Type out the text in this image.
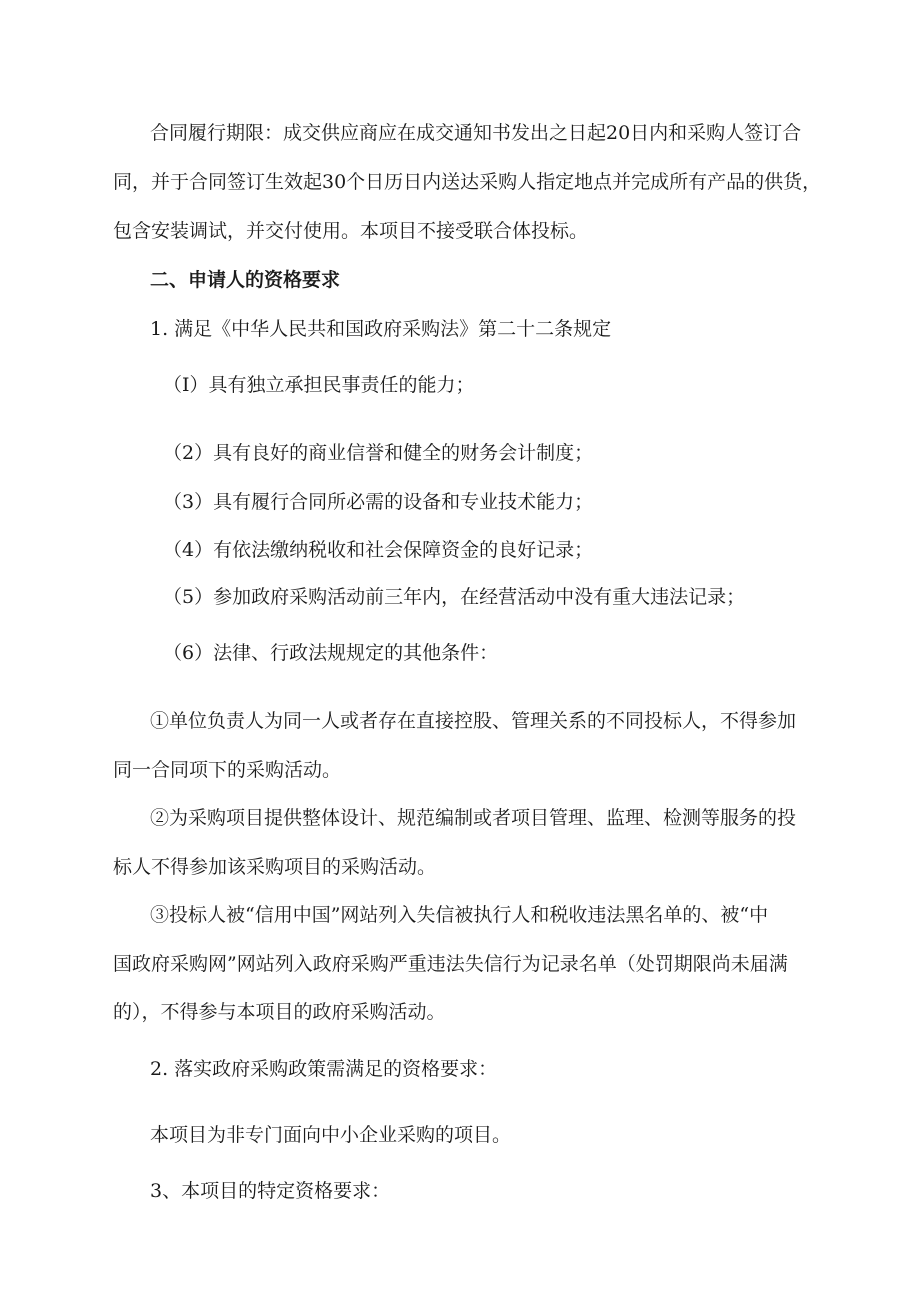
合同履行期限：成交供应商应在成交通知书发出之日起20日内和采购人签订合

同，并于合同签订生效起30个日历日内送达采购人指定地点并完成所有产品的供货，

包含安装调试，并交付使用。本项目不接受联合体投标。

二、申请人的资格要求

1. 满足《中华人民共和国政府采购法》第二十二条规定

（I）具有独立承担民事责任的能力；

（2）具有良好的商业信誉和健全的财务会计制度；

（3）具有履行合同所必需的设备和专业技术能力；

（4）有依法缴纳税收和社会保障资金的良好记录；

（5）参加政府采购活动前三年内，在经营活动中没有重大违法记录；

（6）法律、行政法规规定的其他条件：

①单位负责人为同一人或者存在直接控股、管理关系的不同投标人，不得参加

同一合同项下的采购活动。

②为采购项目提供整体设计、规范编制或者项目管理、监理、检测等服务的投

标人不得参加该采购项目的采购活动。

③投标人被“信用中国”网站列入失信被执行人和税收违法黑名单的、被“中

国政府采购网”网站列入政府采购严重违法失信行为记录名单（处罚期限尚未届满

的），不得参与本项目的政府采购活动。

2. 落实政府采购政策需满足的资格要求：

本项目为非专门面向中小企业采购的项目。

3、本项目的特定资格要求：
